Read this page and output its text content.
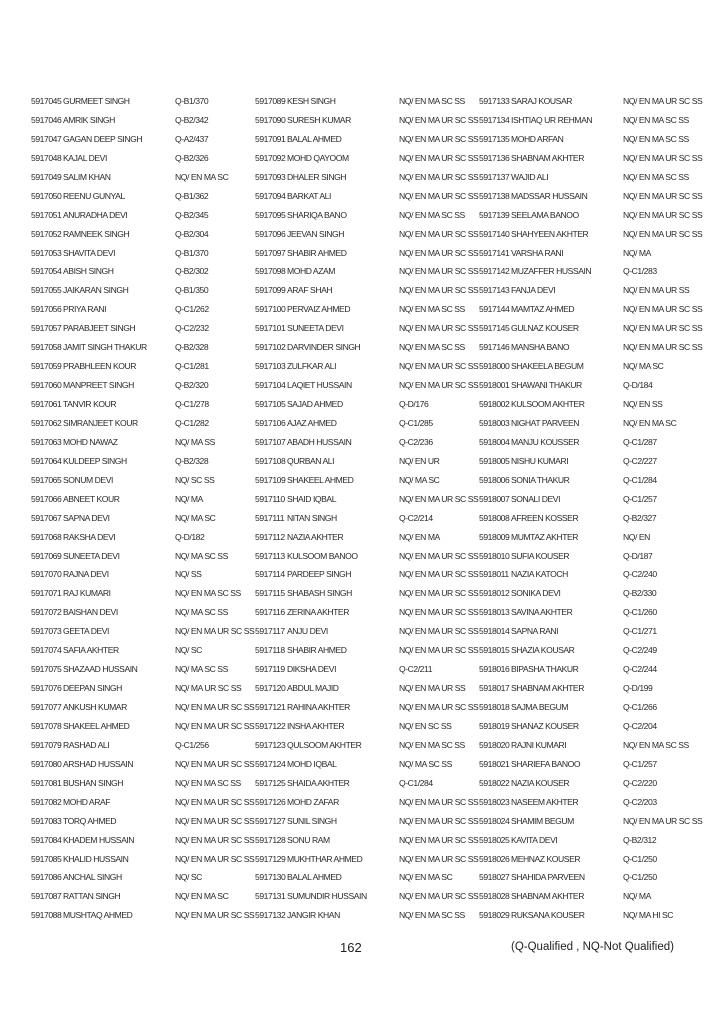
5917045 GURMEET SINGH	Q-B1/370
5917046 AMRIK SINGH	Q-B2/342
5917047 GAGAN DEEP SINGH	Q-A2/437
5917048 KAJAL DEVI	Q-B2/326
5917049 SALIM KHAN	NQ/ EN MA SC
5917050 REENU GUNYAL	Q-B1/362
5917051 ANURADHA DEVI	Q-B2/345
5917052 RAMNEEK SINGH	Q-B2/304
5917053 SHAVITA DEVI	Q-B1/370
5917054 ABISH SINGH	Q-B2/302
5917055 JAIKARAN SINGH	Q-B1/350
5917056 PRIYA RANI	Q-C1/262
5917057 PARABJEET SINGH	Q-C2/232
5917058 JAMIT SINGH THAKUR	Q-B2/328
5917059 PRABHLEEN KOUR	Q-C1/281
5917060 MANPREET SINGH	Q-B2/320
5917061 TANVIR KOUR	Q-C1/278
5917062 SIMRANJEET KOUR	Q-C1/282
5917063 MOHD NAWAZ	NQ/ MA SS
5917064 KULDEEP SINGH	Q-B2/328
5917065 SONUM DEVI	NQ/ SC SS
5917066 ABNEET KOUR	NQ/ MA
5917067 SAPNA DEVI	NQ/ MA SC
5917068 RAKSHA DEVI	Q-D/182
5917069 SUNEETA DEVI	NQ/ MA SC SS
5917070 RAJNA DEVI	NQ/ SS
5917071 RAJ KUMARI	NQ/ EN MA SC SS
5917072 BAISHAN DEVI	NQ/ MA SC SS
5917073 GEETA DEVI	NQ/ EN MA UR SC SS
5917074 SAFIA AKHTER	NQ/ SC
5917075 SHAZAAD HUSSAIN	NQ/ MA SC SS
5917076 DEEPAN SINGH	NQ/ MA UR SC SS
5917077 ANKUSH KUMAR	NQ/ EN MA UR SC SS
5917078 SHAKEEL AHMED	NQ/ EN MA UR SC SS
5917079 RASHAD ALI	Q-C1/256
5917080 ARSHAD HUSSAIN	NQ/ EN MA UR SC SS
5917081 BUSHAN SINGH	NQ/ EN MA SC SS
5917082 MOHD ARAF	NQ/ EN MA UR SC SS
5917083 TORQ AHMED	NQ/ EN MA UR SC SS
5917084 KHADEM HUSSAIN	NQ/ EN MA UR SC SS
5917085 KHALID HUSSAIN	NQ/ EN MA UR SC SS
5917086 ANCHAL SINGH	NQ/ SC
5917087 RATTAN SINGH	NQ/ EN MA SC
5917088 MUSHTAQ AHMED	NQ/ EN MA UR SC SS
5917089 KESH SINGH	NQ/ EN MA SC SS
5917090 SURESH KUMAR	NQ/ EN MA UR SC SS
5917091 BALAL AHMED	NQ/ EN MA UR SC SS
5917092 MOHD QAYOOM	NQ/ EN MA UR SC SS
5917093 DHALER SINGH	NQ/ EN MA UR SC SS
5917094 BARKAT ALI	NQ/ EN MA UR SC SS
5917095 SHARIQA BANO	NQ/ EN MA SC SS
5917096 JEEVAN SINGH	NQ/ EN MA UR SC SS
5917097 SHABIR AHMED	NQ/ EN MA UR SC SS
5917098 MOHD AZAM	NQ/ EN MA UR SC SS
5917099 ARAF SHAH	NQ/ EN MA UR SC SS
5917100 PERVAIZ AHMED	NQ/ EN MA SC SS
5917101 SUNEETA DEVI	NQ/ EN MA UR SC SS
5917102 DARVINDER SINGH	NQ/ EN MA SC SS
5917103 ZULFKAR ALI	NQ/ EN MA UR SC SS
5917104 LAQIET HUSSAIN	NQ/ EN MA UR SC SS
5917105 SAJAD AHMED	Q-D/176
5917106 AJAZ AHMED	Q-C1/285
5917107 ABADH HUSSAIN	Q-C2/236
5917108 QURBAN ALI	NQ/ EN UR
5917109 SHAKEEL AHMED	NQ/ MA SC
5917110 SHAID IQBAL	NQ/ EN MA UR SC SS
5917111 NITAN SINGH	Q-C2/214
5917112 NAZIA AKHTER	NQ/ EN MA
5917113 KULSOOM BANOO	NQ/ EN MA UR SC SS
5917114 PARDEEP SINGH	NQ/ EN MA UR SC SS
5917115 SHABASH SINGH	NQ/ EN MA UR SC SS
5917116 ZERINA AKHTER	NQ/ EN MA UR SC SS
5917117 ANJU DEVI	NQ/ EN MA UR SC SS
5917118 SHABIR AHMED	NQ/ EN MA UR SC SS
5917119 DIKSHA DEVI	Q-C2/211
5917120 ABDUL MAJID	NQ/ EN MA UR SS
5917121 RAHINA AKHTER	NQ/ EN MA UR SC SS
5917122 INSHA AKHTER	NQ/ EN SC SS
5917123 QULSOOM AKHTER	NQ/ EN MA SC SS
5917124 MOHD IQBAL	NQ/ MA SC SS
5917125 SHAIDA AKHTER	Q-C1/284
5917126 MOHD ZAFAR	NQ/ EN MA UR SC SS
5917127 SUNIL SINGH	NQ/ EN MA UR SC SS
5917128 SONU RAM	NQ/ EN MA UR SC SS
5917129 MUKHTHAR AHMED	NQ/ EN MA UR SC SS
5917130 BALAL AHMED	NQ/ EN MA SC
5917131 SUMUNDIR HUSSAIN	NQ/ EN MA UR SC SS
5917132 JANGIR KHAN	NQ/ EN MA SC SS
5917133 SARAJ KOUSAR	NQ/ EN MA UR SC SS
5917134 ISHTIAQ UR REHMAN	NQ/ EN MA SC SS
5917135 MOHD ARFAN	NQ/ EN MA SC SS
5917136 SHABNAM AKHTER	NQ/ EN MA UR SC SS
5917137 WAJID ALI	NQ/ EN MA SC SS
5917138 MADSSAR HUSSAIN	NQ/ EN MA UR SC SS
5917139 SEELAMA BANOO	NQ/ EN MA UR SC SS
5917140 SHAHYEEN AKHTER	NQ/ EN MA UR SC SS
5917141 VARSHA RANI	NQ/ MA
5917142 MUZAFFER HUSSAIN	Q-C1/283
5917143 FANJA DEVI	NQ/ EN MA UR SS
5917144 MAMTAZ AHMED	NQ/ EN MA UR SC SS
5917145 GULNAZ KOUSER	NQ/ EN MA UR SC SS
5917146 MANSHA BANO	NQ/ EN MA UR SC SS
5918000 SHAKEELA BEGUM	NQ/ MA SC
5918001 SHAWANI THAKUR	Q-D/184
5918002 KULSOOM AKHTER	NQ/ EN SS
5918003 NIGHAT PARVEEN	NQ/ EN MA SC
5918004 MANJU KOUSSER	Q-C1/287
5918005 NISHU KUMARI	Q-C2/227
5918006 SONIA THAKUR	Q-C1/284
5918007 SONALI DEVI	Q-C1/257
5918008 AFREEN KOSSER	Q-B2/327
5918009 MUMTAZ AKHTER	NQ/ EN
5918010 SUFIA KOUSER	Q-D/187
5918011 NAZIA KATOCH	Q-C2/240
5918012 SONIKA DEVI	Q-B2/330
5918013 SAVINA AKHTER	Q-C1/260
5918014 SAPNA RANI	Q-C1/271
5918015 SHAZIA KOUSAR	Q-C2/249
5918016 BIPASHA THAKUR	Q-C2/244
5918017 SHABNAM AKHTER	Q-D/199
5918018 SAJMA BEGUM	Q-C1/266
5918019 SHANAZ KOUSER	Q-C2/204
5918020 RAJNI KUMARI	NQ/ EN MA SC SS
5918021 SHARIEFA BANOO	Q-C1/257
5918022 NAZIA KOUSER	Q-C2/220
5918023 NASEEM AKHTER	Q-C2/203
5918024 SHAMIM BEGUM	NQ/ EN MA UR SC SS
5918025 KAVITA DEVI	Q-B2/312
5918026 MEHNAZ KOUSER	Q-C1/250
5918027 SHAHIDA PARVEEN	Q-C1/250
5918028 SHABNAM AKHTER	NQ/ MA
5918029 RUKSANA KOUSER	NQ/ MA HI SC
162	(Q-Qualified , NQ-Not Qualified)
